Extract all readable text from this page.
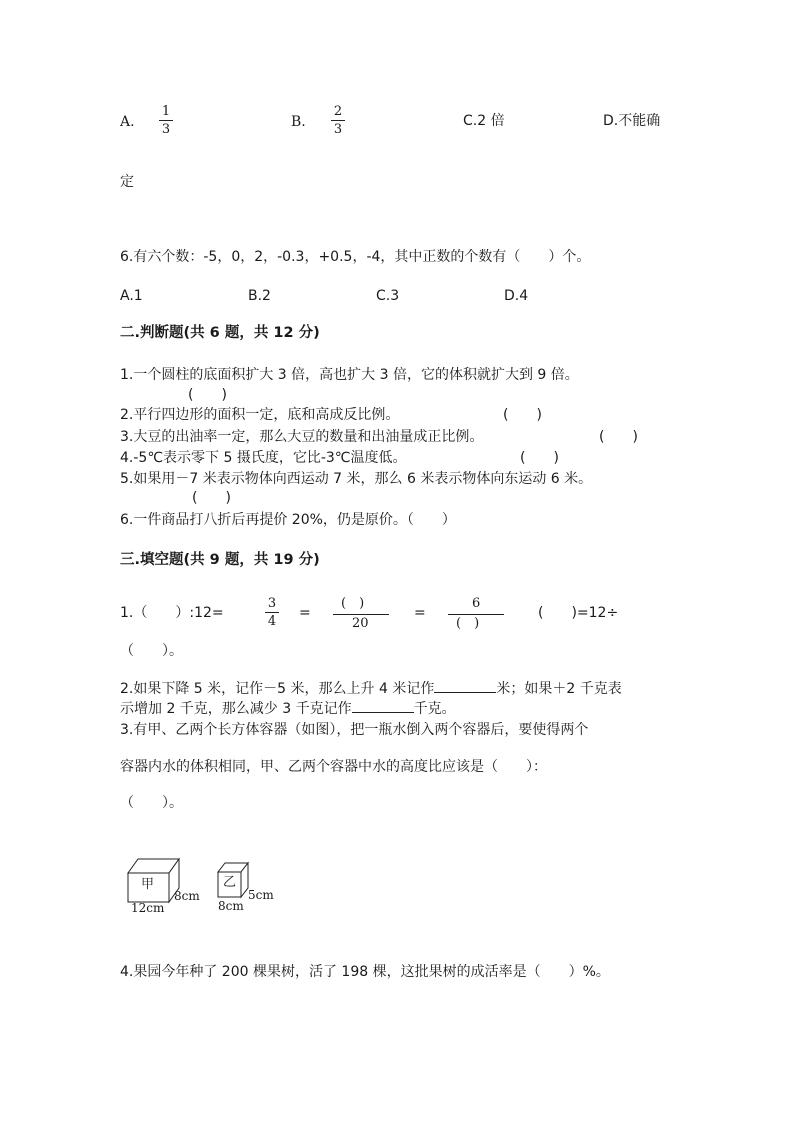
A.
1
3	B.
2
3
C.2 倍	D.不能确
定
6.有六个数：-5，0，2，-0.3，+0.5，-4，其中正数的个数有（　　）个。
A.1	B.2	C.3	D.4
二.判断题(共 6 题，共 12 分)
1.一个圆柱的底面积扩大 3 倍，高也扩大 3 倍，它的体积就扩大到 9 倍。
(　　)
2.平行四边形的面积一定，底和高成反比例。	(　　)
3.大豆的出油率一定，那么大豆的数量和出油量成正比例。	(　　)
4.-5℃表示零下 5 摄氏度，它比-3℃温度低。	(　　)
5.如果用－7 米表示物体向西运动 7 米，那么 6 米表示物体向东运动 6 米。
(　　)
6.一件商品打八折后再提价 20%，仍是原价。（　　）
三.填空题(共 9 题，共 19 分)
1.（　　）:12=
3
4
=
(　)
20
=
6
(　)
(　　)=12÷
（　　）。
2.如果下降 5 米，记作－5 米，那么上升 4 米记作	米；如果＋2 千克表
示增加 2 千克，那么减少 3 千克记作	千克。
3.有甲、乙两个长方体容器（如图），把一瓶水倒入两个容器后，要使得两个
容器内水的体积相同，甲、乙两个容器中水的高度比应该是（　　）：
（　　）。
甲
8cm
12cm
乙
5cm
8cm
4.果园今年种了 200 棵果树，活了 198 棵，这批果树的成活率是（　　）%。
